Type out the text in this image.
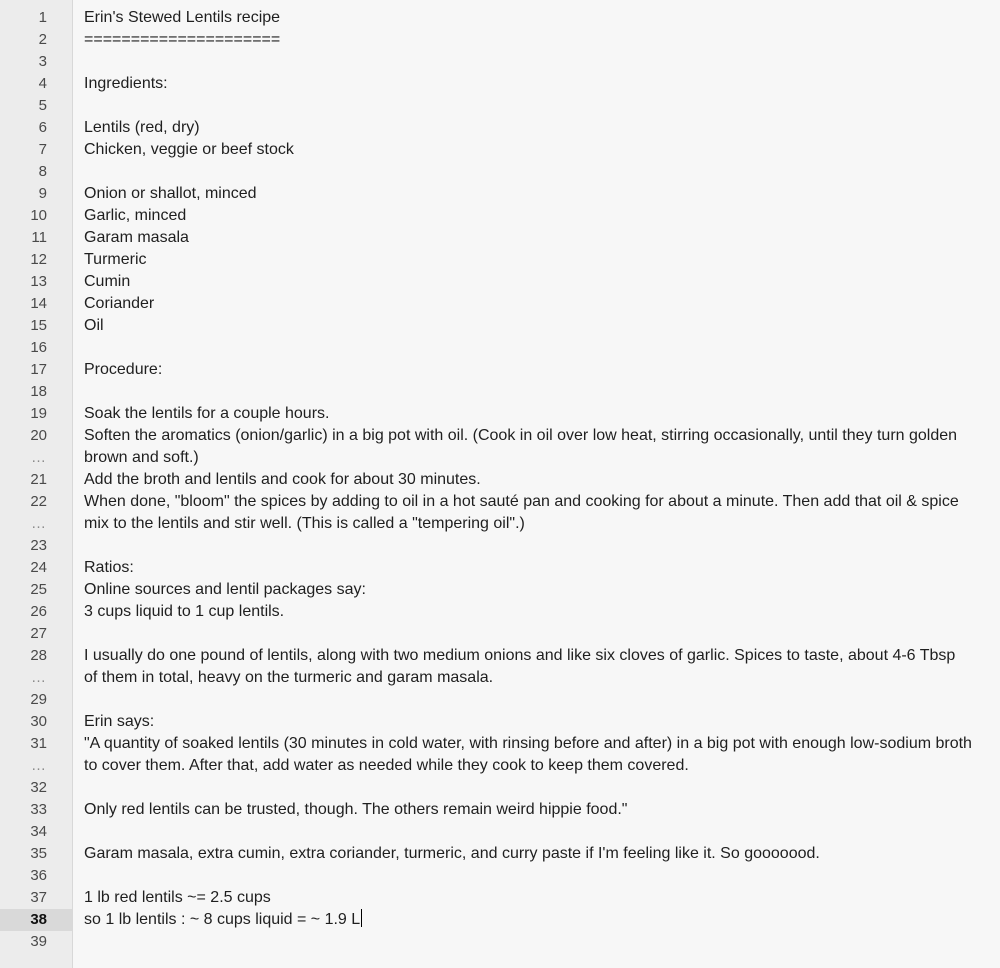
1 Erin's Stewed Lentils recipe
2 =====================
3
4 Ingredients:
5
6 Lentils (red, dry)
7 Chicken, veggie or beef stock
8
9 Onion or shallot, minced
10 Garlic, minced
11 Garam masala
12 Turmeric
13 Cumin
14 Coriander
15 Oil
16
17 Procedure:
18
19 Soak the lentils for a couple hours.
20 Soften the aromatics (onion/garlic) in a big pot with oil. (Cook in oil over low heat, stirring occasionally, until they turn golden
… brown and soft.)
21 Add the broth and lentils and cook for about 30 minutes.
22 When done, "bloom" the spices by adding to oil in a hot sauté pan and cooking for about a minute. Then add that oil & spice
… mix to the lentils and stir well. (This is called a "tempering oil".)
23
24 Ratios:
25 Online sources and lentil packages say:
26 3 cups liquid to 1 cup lentils.
27
28 I usually do one pound of lentils, along with two medium onions and like six cloves of garlic. Spices to taste, about 4-6 Tbsp
… of them in total, heavy on the turmeric and garam masala.
29
30 Erin says:
31 "A quantity of soaked lentils (30 minutes in cold water, with rinsing before and after) in a big pot with enough low-sodium broth
… to cover them. After that, add water as needed while they cook to keep them covered.
32
33 Only red lentils can be trusted, though. The others remain weird hippie food."
34
35 Garam masala, extra cumin, extra coriander, turmeric, and curry paste if I'm feeling like it. So gooooood.
36
37 1 lb red lentils ~= 2.5 cups
38 so 1 lb lentils : ~ 8 cups liquid = ~ 1.9 L
39
